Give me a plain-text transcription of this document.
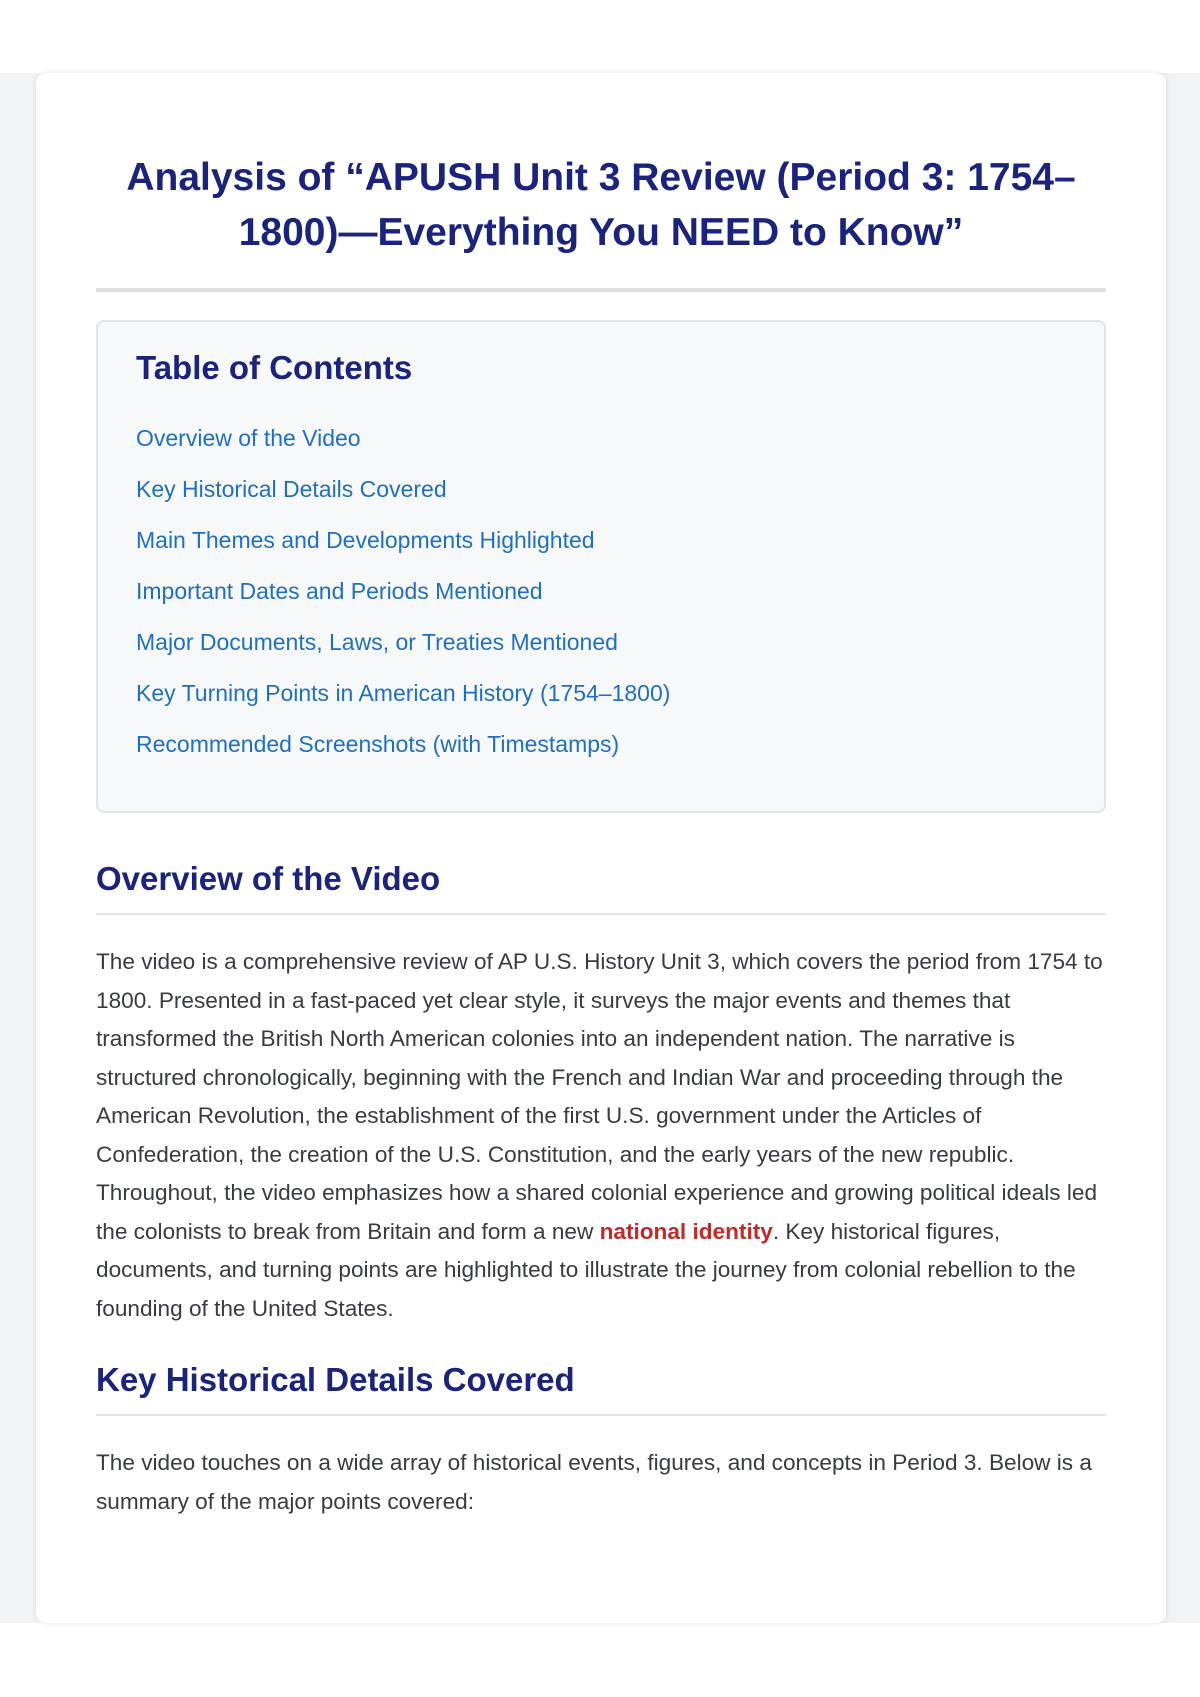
Analysis of “APUSH Unit 3 Review (Period 3: 1754–1800)—Everything You NEED to Know”
Table of Contents
Overview of the Video
Key Historical Details Covered
Main Themes and Developments Highlighted
Important Dates and Periods Mentioned
Major Documents, Laws, or Treaties Mentioned
Key Turning Points in American History (1754–1800)
Recommended Screenshots (with Timestamps)
Overview of the Video

The video is a comprehensive review of AP U.S. History Unit 3, which covers the period from 1754 to 1800. Presented in a fast-paced yet clear style, it surveys the major events and themes that transformed the British North American colonies into an independent nation. The narrative is structured chronologically, beginning with the French and Indian War and proceeding through the American Revolution, the establishment of the first U.S. government under the Articles of Confederation, the creation of the U.S. Constitution, and the early years of the new republic. Throughout, the video emphasizes how a shared colonial experience and growing political ideals led the colonists to break from Britain and form a new national identity. Key historical figures, documents, and turning points are highlighted to illustrate the journey from colonial rebellion to the founding of the United States.

Key Historical Details Covered

The video touches on a wide array of historical events, figures, and concepts in Period 3. Below is a summary of the major points covered:
